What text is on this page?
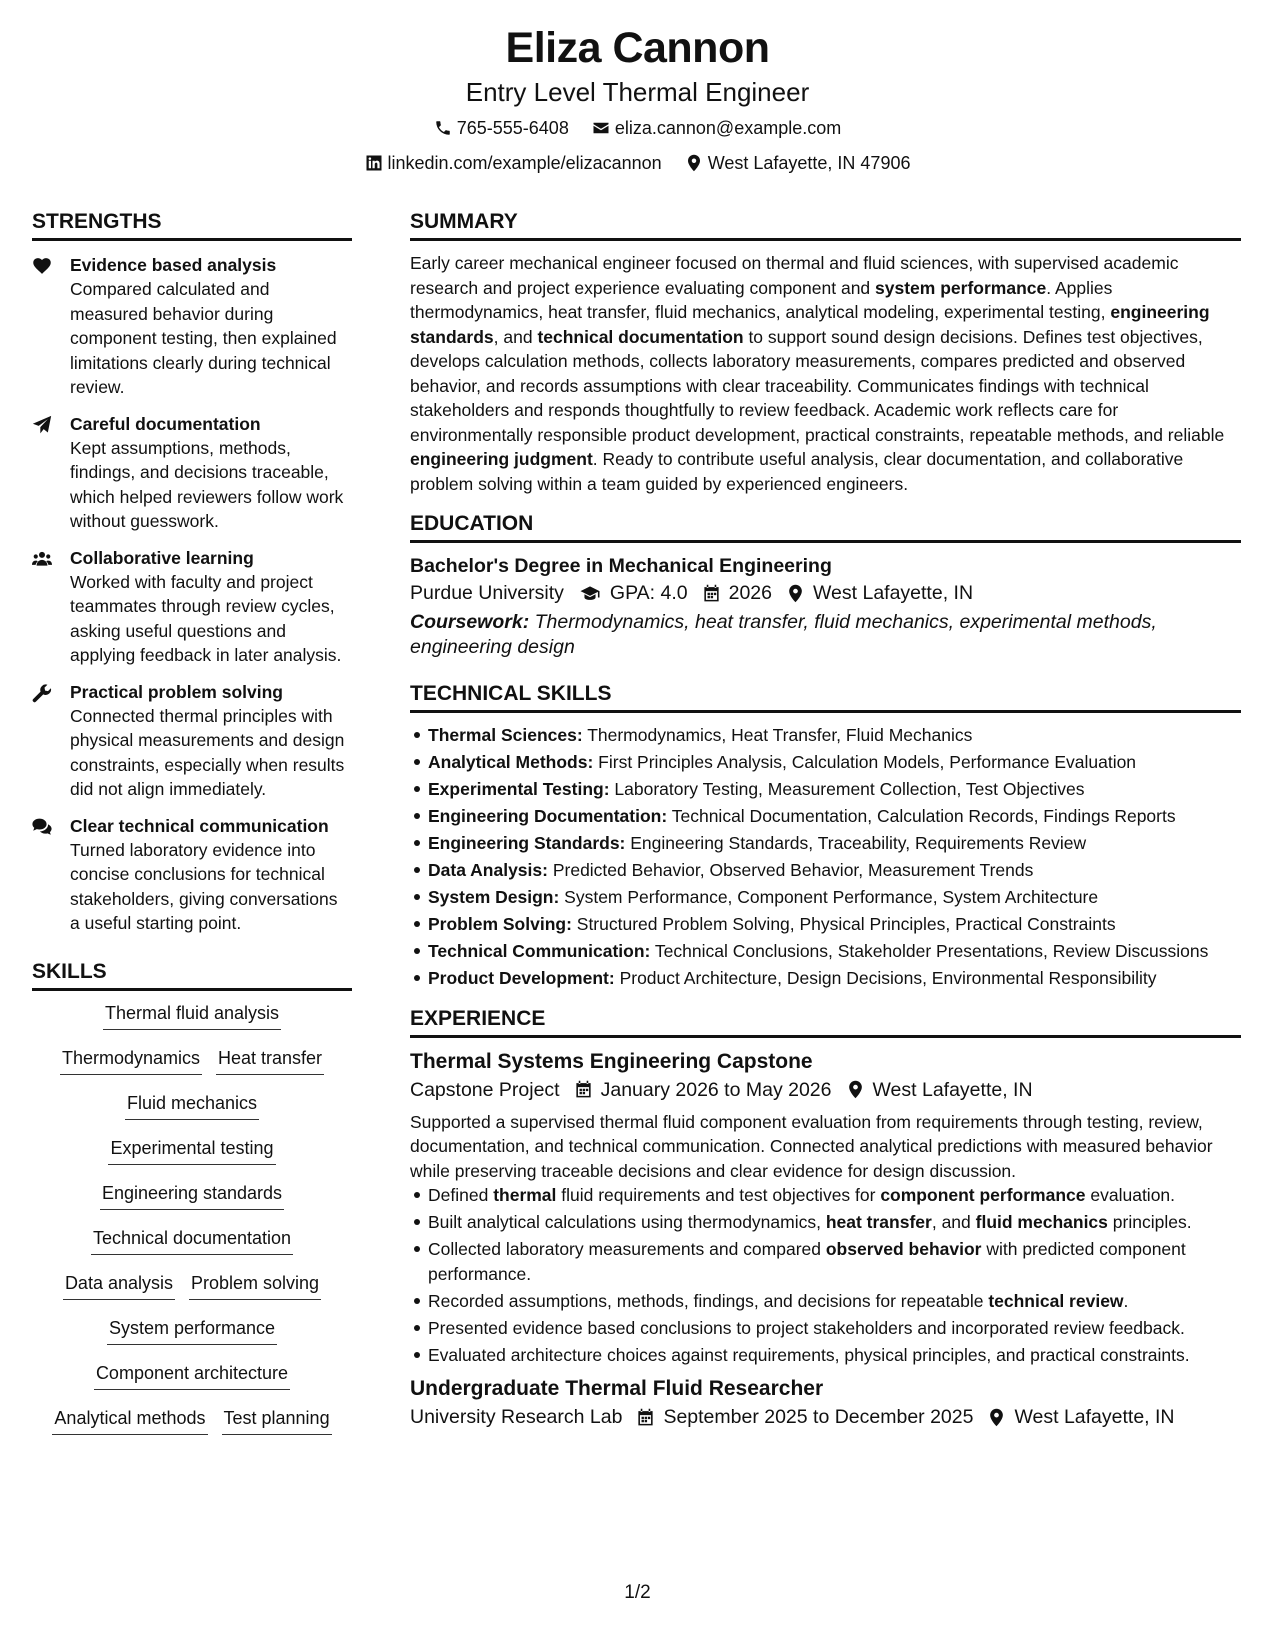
Eliza Cannon
Entry Level Thermal Engineer
765-555-6408
	eliza.cannon@example.com
linkedin.com/example/elizacannon
	West Lafayette, IN 47906
STRENGTHS
Evidence based analysis
Compared calculated and measured behavior during component testing, then explained limitations clearly during technical review.
Careful documentation
Kept assumptions, methods, findings, and decisions traceable, which helped reviewers follow work without guesswork.
Collaborative learning
Worked with faculty and project teammates through review cycles, asking useful questions and applying feedback in later analysis.
Practical problem solving
Connected thermal principles with physical measurements and design constraints, especially when results did not align immediately.
Clear technical communication
Turned laboratory evidence into concise conclusions for technical stakeholders, giving conversations a useful starting point.
SKILLS
Thermal fluid analysis
Thermodynamics Heat transfer
Fluid mechanics
Experimental testing
Engineering standards
Technical documentation
Data analysis Problem solving
System performance
Component architecture
Analytical methods Test planning
SUMMARY

Early career mechanical engineer focused on thermal and fluid sciences, with supervised academic research and project experience evaluating component and system performance. Applies thermodynamics, heat transfer, fluid mechanics, analytical modeling, experimental testing, engineering standards, and technical documentation to support sound design decisions. Defines test objectives, develops calculation methods, collects laboratory measurements, compares predicted and observed behavior, and records assumptions with clear traceability. Communicates findings with technical stakeholders and responds thoughtfully to review feedback. Academic work reflects care for environmentally responsible product development, practical constraints, repeatable methods, and reliable engineering judgment. Ready to contribute useful analysis, clear documentation, and collaborative problem solving within a team guided by experienced engineers.

EDUCATION
Bachelor's Degree in Mechanical Engineering
Purdue University GPA: 4.0 2026 West Lafayette, IN
Coursework: Thermodynamics, heat transfer, fluid mechanics, experimental methods, engineering design
TECHNICAL SKILLS
Thermal Sciences: Thermodynamics, Heat Transfer, Fluid Mechanics
Analytical Methods: First Principles Analysis, Calculation Models, Performance Evaluation
Experimental Testing: Laboratory Testing, Measurement Collection, Test Objectives
Engineering Documentation: Technical Documentation, Calculation Records, Findings Reports
Engineering Standards: Engineering Standards, Traceability, Requirements Review
Data Analysis: Predicted Behavior, Observed Behavior, Measurement Trends
System Design: System Performance, Component Performance, System Architecture
Problem Solving: Structured Problem Solving, Physical Principles, Practical Constraints
Technical Communication: Technical Conclusions, Stakeholder Presentations, Review Discussions
Product Development: Product Architecture, Design Decisions, Environmental Responsibility
EXPERIENCE
Thermal Systems Engineering Capstone
Capstone Project January 2026 to May 2026 West Lafayette, IN
Supported a supervised thermal fluid component evaluation from requirements through testing, review, documentation, and technical communication. Connected analytical predictions with measured behavior while preserving traceable decisions and clear evidence for design discussion.
Defined thermal fluid requirements and test objectives for component performance evaluation.
Built analytical calculations using thermodynamics, heat transfer, and fluid mechanics principles.
Collected laboratory measurements and compared observed behavior with predicted component performance.
Recorded assumptions, methods, findings, and decisions for repeatable technical review.
Presented evidence based conclusions to project stakeholders and incorporated review feedback.
Evaluated architecture choices against requirements, physical principles, and practical constraints.
Undergraduate Thermal Fluid Researcher
University Research Lab September 2025 to December 2025 West Lafayette, IN
1/2
